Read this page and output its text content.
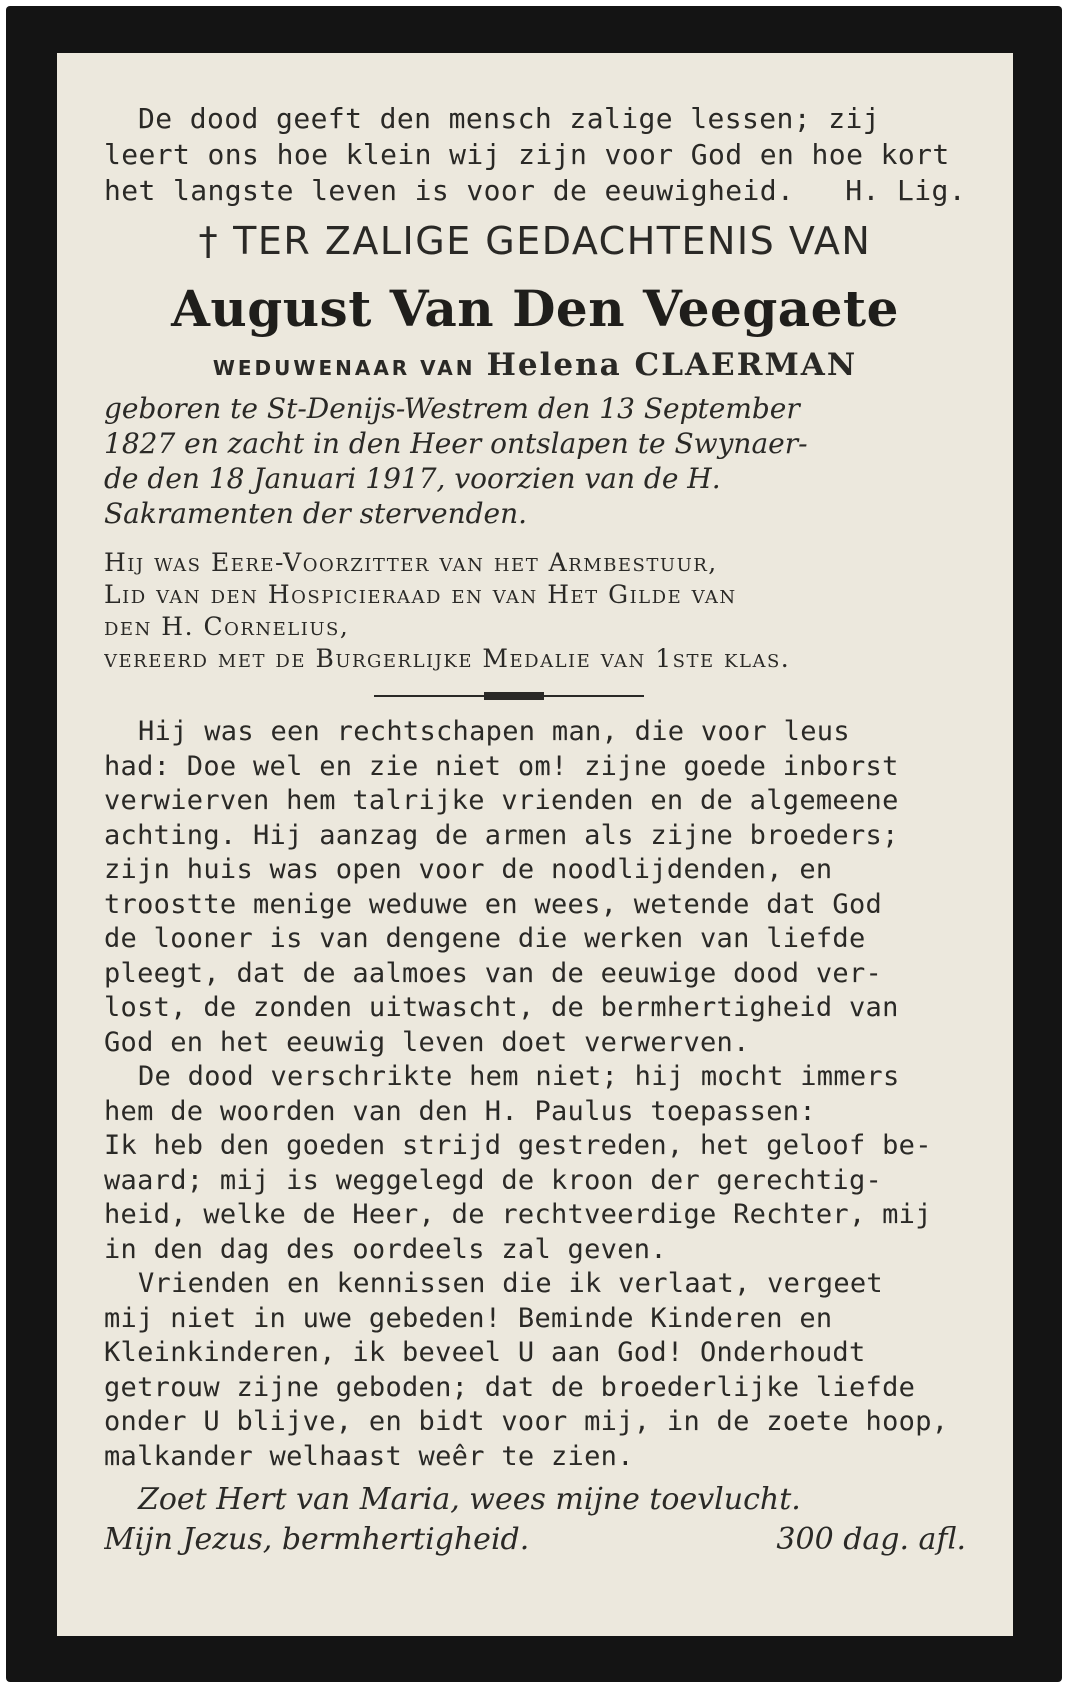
De dood geeft den mensch zalige lessen; zij
leert ons hoe klein wij zijn voor God en hoe kort
het langste leven is voor de eeuwigheid. H. Lig.
† TER ZALIGE GEDACHTENIS VAN
August Van Den Veegaete
WEDUWENAAR VAN Helena CLAERMAN
geboren te St-Denijs-Westrem den 13 September
1827 en zacht in den Heer ontslapen te Swynaer-
de den 18 Januari 1917, voorzien van de H.
Sakramenten der stervenden.
Hij was Eere-Voorzitter van het Armbestuur,
Lid van den Hospicieraad en van Het Gilde van
den H. Cornelius,
vereerd met de Burgerlijke Medalie van 1ste klas.
Hij was een rechtschapen man, die voor leus
had: Doe wel en zie niet om! zijne goede inborst
verwierven hem talrijke vrienden en de algemeene
achting. Hij aanzag de armen als zijne broeders;
zijn huis was open voor de noodlijdenden, en
troostte menige weduwe en wees, wetende dat God
de looner is van dengene die werken van liefde
pleegt, dat de aalmoes van de eeuwige dood ver-
lost, de zonden uitwascht, de bermhertigheid van
God en het eeuwig leven doet verwerven.
De dood verschrikte hem niet; hij mocht immers
hem de woorden van den H. Paulus toepassen:
Ik heb den goeden strijd gestreden, het geloof be-
waard; mij is weggelegd de kroon der gerechtig-
heid, welke de Heer, de rechtveerdige Rechter, mij
in den dag des oordeels zal geven.
Vrienden en kennissen die ik verlaat, vergeet
mij niet in uwe gebeden! Beminde Kinderen en
Kleinkinderen, ik beveel U aan God! Onderhoudt
getrouw zijne geboden; dat de broederlijke liefde
onder U blijve, en bidt voor mij, in de zoete hoop,
malkander welhaast weêr te zien.
Zoet Hert van Maria, wees mijne toevlucht.
Mijn Jezus, bermhertigheid.	300 dag. afl.
